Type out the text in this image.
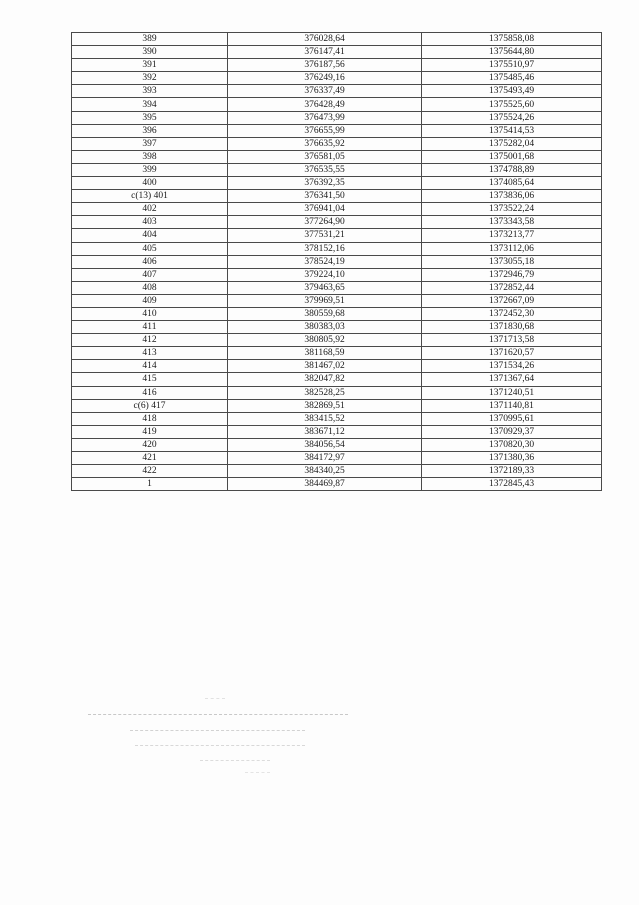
389	376028,64	1375858,08
390	376147,41	1375644,80
391	376187,56	1375510,97
392	376249,16	1375485,46
393	376337,49	1375493,49
394	376428,49	1375525,60
395	376473,99	1375524,26
396	376655,99	1375414,53
397	376635,92	1375282,04
398	376581,05	1375001,68
399	376535,55	1374788,89
400	376392,35	1374085,64
c(13) 401	376341,50	1373836,06
402	376941,04	1373522,24
403	377264,90	1373343,58
404	377531,21	1373213,77
405	378152,16	1373112,06
406	378524,19	1373055,18
407	379224,10	1372946,79
408	379463,65	1372852,44
409	379969,51	1372667,09
410	380559,68	1372452,30
411	380383,03	1371830,68
412	380805,92	1371713,58
413	381168,59	1371620,57
414	381467,02	1371534,26
415	382047,82	1371367,64
416	382528,25	1371240,51
c(6) 417	382869,51	1371140,81
418	383415,52	1370995,61
419	383671,12	1370929,37
420	384056,54	1370820,30
421	384172,97	1371380,36
422	384340,25	1372189,33
1	384469,87	1372845,43
